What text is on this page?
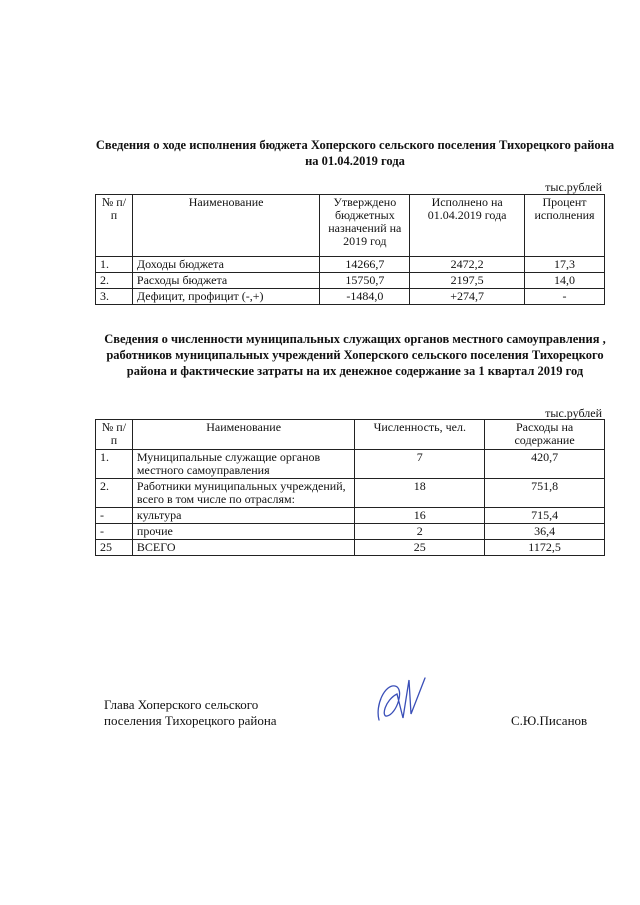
Сведения о ходе исполнения бюджета Хоперского сельского поселения Тихорецкого района на 01.04.2019 года
тыс.рублей
№ п/п	Наименование	Утверждено бюджетных назначений на 2019 год	Исполнено на 01.04.2019 года	Процент исполнения
1.	Доходы бюджета	14266,7	2472,2	17,3
2.	Расходы бюджета	15750,7	2197,5	14,0
3.	Дефицит, профицит (-,+)	-1484,0	+274,7	-
Сведения о численности муниципальных служащих органов местного самоуправления , работников муниципальных учреждений Хоперского сельского поселения Тихорецкого района и фактические затраты на их денежное содержание за 1 квартал 2019 год
тыс.рублей
№ п/п	Наименование	Численность, чел.	Расходы на содержание
1.	Муниципальные служащие органов местного самоуправления	7	420,7
2.	Работники муниципальных учреждений, всего в том числе по отраслям:	18	751,8
-	культура	16	715,4
-	прочие	2	36,4
25	ВСЕГО	25	1172,5
Глава Хоперского сельского
поселения Тихорецкого района	С.Ю.Писанов
